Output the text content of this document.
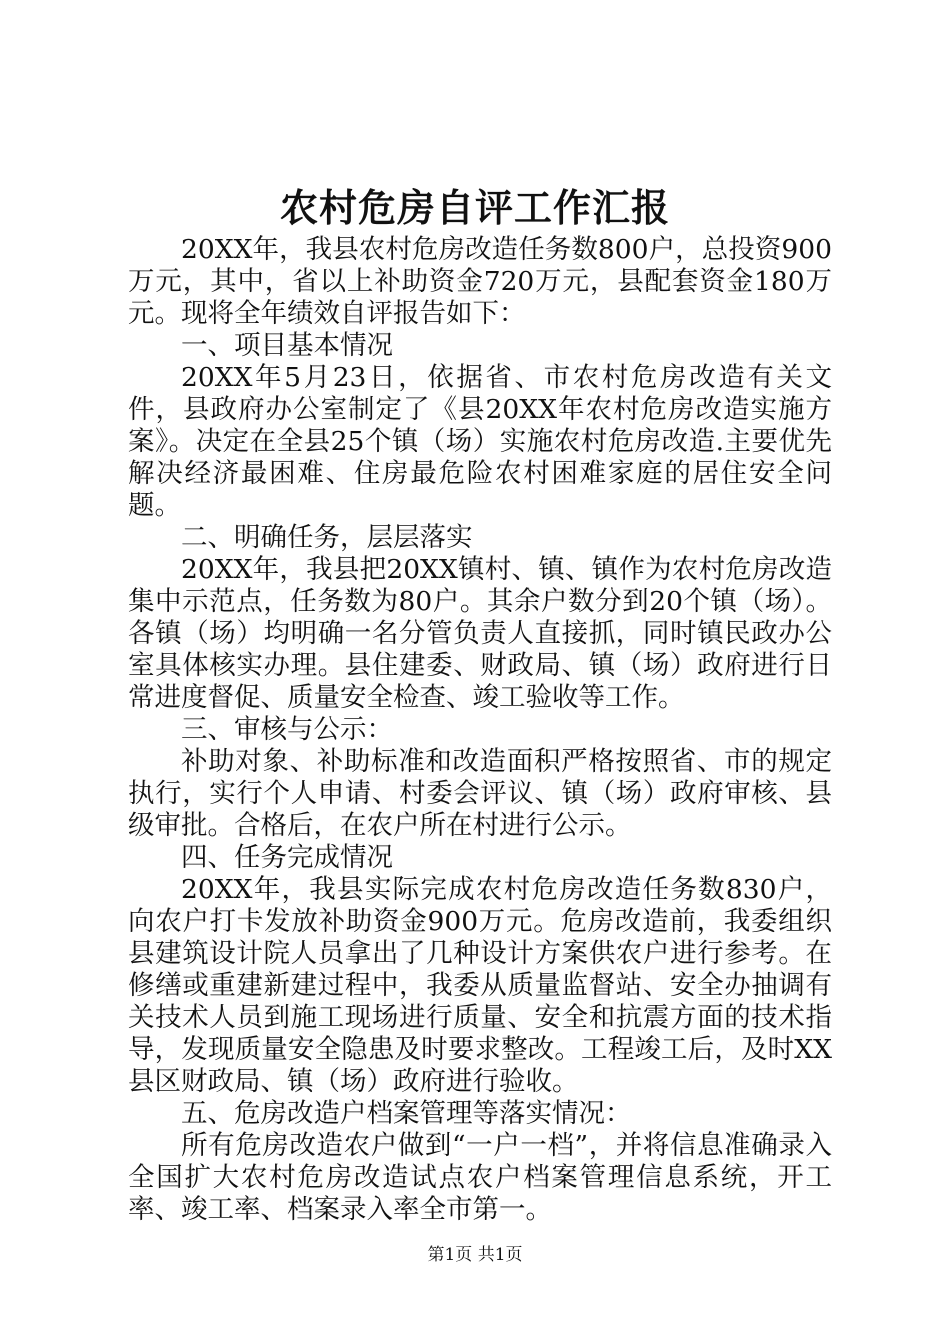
农村危房自评工作汇报

20XX年，我县农村危房改造任务数800户，总投资900万元，其中，省以上补助资金720万元，县配套资金180万元。现将全年绩效自评报告如下：

一、项目基本情况

20XX年5月23日，依据省、市农村危房改造有关文件，县政府办公室制定了《县20XX年农村危房改造实施方案》。决定在全县25个镇（场）实施农村危房改造.主要优先解决经济最困难、住房最危险农村困难家庭的居住安全问题。

二、明确任务，层层落实

20XX年，我县把20XX镇村、镇、镇作为农村危房改造集中示范点，任务数为80户。其余户数分到20个镇（场）。各镇（场）均明确一名分管负责人直接抓，同时镇民政办公室具体核实办理。县住建委、财政局、镇（场）政府进行日常进度督促、质量安全检查、竣工验收等工作。

三、审核与公示：

补助对象、补助标准和改造面积严格按照省、市的规定执行，实行个人申请、村委会评议、镇（场）政府审核、县级审批。合格后，在农户所在村进行公示。

四、任务完成情况

20XX年，我县实际完成农村危房改造任务数830户，向农户打卡发放补助资金900万元。危房改造前，我委组织县建筑设计院人员拿出了几种设计方案供农户进行参考。在修缮或重建新建过程中，我委从质量监督站、安全办抽调有关技术人员到施工现场进行质量、安全和抗震方面的技术指导，发现质量安全隐患及时要求整改。工程竣工后，及时XX县区财政局、镇（场）政府进行验收。

五、危房改造户档案管理等落实情况：

所有危房改造农户做到“一户一档”，并将信息准确录入全国扩大农村危房改造试点农户档案管理信息系统，开工率、竣工率、档案录入率全市第一。

第1页 共1页
